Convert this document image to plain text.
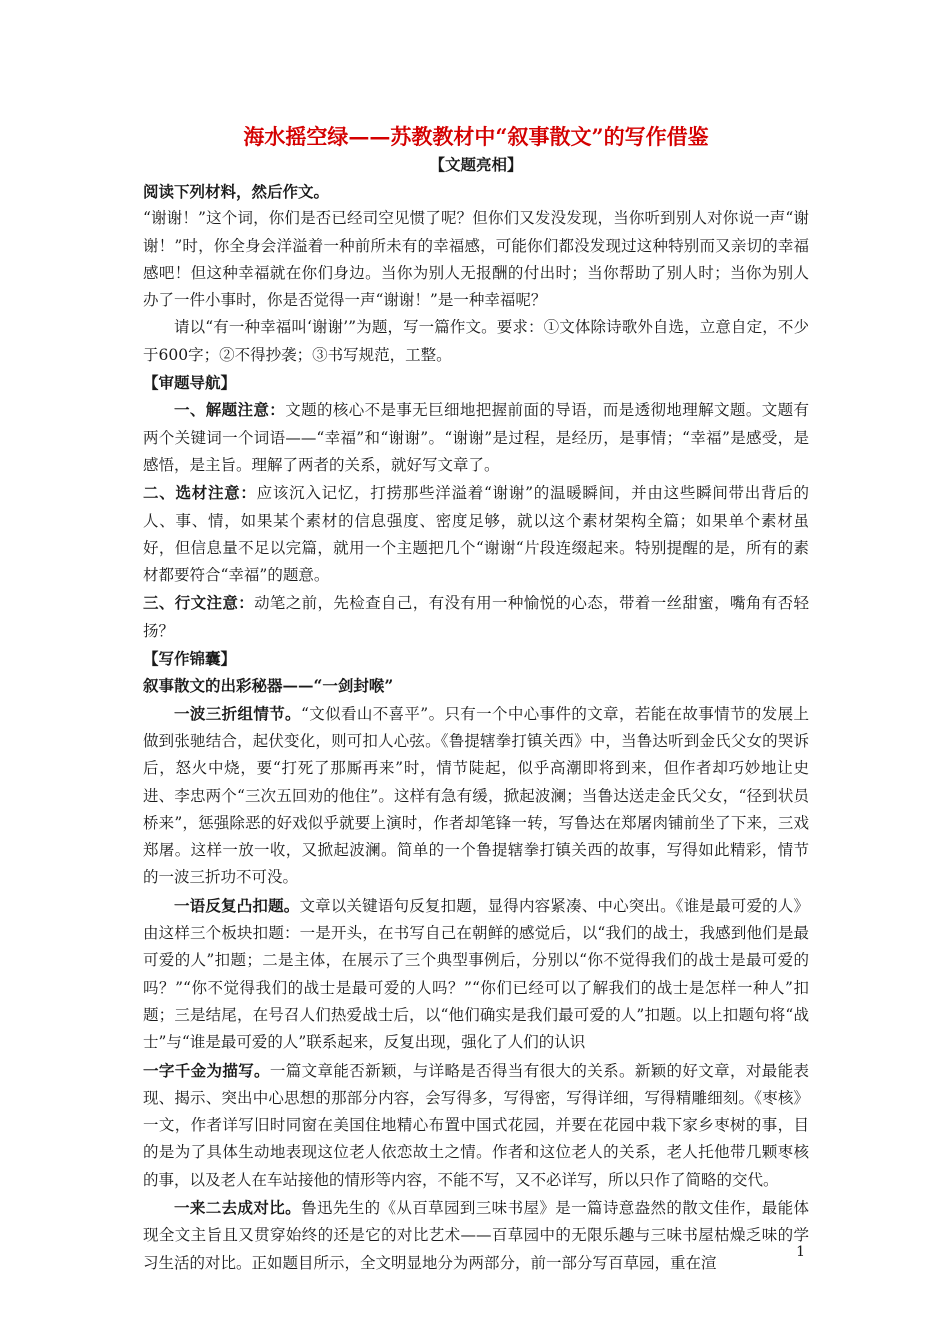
海水摇空绿——苏教教材中“叙事散文”的写作借鉴
【文题亮相】

阅读下列材料，然后作文。

“谢谢！”这个词，你们是否已经司空见惯了呢？但你们又发没发现，当你听到别人对你说一声“谢谢！”时，你全身会洋溢着一种前所未有的幸福感，可能你们都没发现过这种特别而又亲切的幸福感吧！但这种幸福就在你们身边。当你为别人无报酬的付出时；当你帮助了别人时；当你为别人办了一件小事时，你是否觉得一声“谢谢！”是一种幸福呢？

请以“有一种幸福叫‘谢谢’”为题，写一篇作文。要求：①文体除诗歌外自选，立意自定，不少于600字；②不得抄袭；③书写规范，工整。

【审题导航】

一、解题注意：文题的核心不是事无巨细地把握前面的导语，而是透彻地理解文题。文题有两个关键词一个词语——“幸福”和“谢谢”。“谢谢”是过程，是经历，是事情；“幸福”是感受，是感悟，是主旨。理解了两者的关系，就好写文章了。

二、选材注意：应该沉入记忆，打捞那些洋溢着“谢谢”的温暖瞬间，并由这些瞬间带出背后的人、事、情，如果某个素材的信息强度、密度足够，就以这个素材架构全篇；如果单个素材虽好，但信息量不足以完篇，就用一个主题把几个“谢谢“片段连缀起来。特别提醒的是，所有的素材都要符合“幸福”的题意。

三、行文注意：动笔之前，先检查自己，有没有用一种愉悦的心态，带着一丝甜蜜，嘴角有否轻扬？

【写作锦囊】

叙事散文的出彩秘器——“一剑封喉”

一波三折组情节。“文似看山不喜平”。只有一个中心事件的文章，若能在故事情节的发展上做到张驰结合，起伏变化，则可扣人心弦。《鲁提辖拳打镇关西》中，当鲁达听到金氏父女的哭诉后，怒火中烧，要“打死了那厮再来”时，情节陡起，似乎高潮即将到来，但作者却巧妙地让史进、李忠两个“三次五回劝的他住”。这样有急有缓，掀起波澜；当鲁达送走金氏父女，“径到状员桥来”，惩强除恶的好戏似乎就要上演时，作者却笔锋一转，写鲁达在郑屠肉铺前坐了下来，三戏郑屠。这样一放一收，又掀起波澜。简单的一个鲁提辖拳打镇关西的故事，写得如此精彩，情节的一波三折功不可没。

一语反复凸扣题。文章以关键语句反复扣题，显得内容紧凑、中心突出。《谁是最可爱的人》由这样三个板块扣题：一是开头，在书写自己在朝鲜的感觉后，以“我们的战士，我感到他们是最可爱的人”扣题；二是主体，在展示了三个典型事例后，分别以“你不觉得我们的战士是最可爱的吗？”“你不觉得我们的战士是最可爱的人吗？”“你们已经可以了解我们的战士是怎样一种人”扣题；三是结尾，在号召人们热爱战士后，以“他们确实是我们最可爱的人”扣题。以上扣题句将“战士”与“谁是最可爱的人”联系起来，反复出现，强化了人们的认识

一字千金为描写。一篇文章能否新颖，与详略是否得当有很大的关系。新颖的好文章，对最能表现、揭示、突出中心思想的那部分内容，会写得多，写得密，写得详细，写得精雕细刻。《枣核》一文，作者详写旧时同窗在美国住地精心布置中国式花园，并要在花园中栽下家乡枣树的事，目的是为了具体生动地表现这位老人依恋故土之情。作者和这位老人的关系，老人托他带几颗枣核的事，以及老人在车站接他的情形等内容，不能不写，又不必详写，所以只作了简略的交代。

一来二去成对比。鲁迅先生的《从百草园到三味书屋》是一篇诗意盎然的散文佳作，最能体现全文主旨且又贯穿始终的还是它的对比艺术——百草园中的无限乐趣与三味书屋枯燥乏味的学习生活的对比。正如题目所示，全文明显地分为两部分，前一部分写百草园，重在渲

1
